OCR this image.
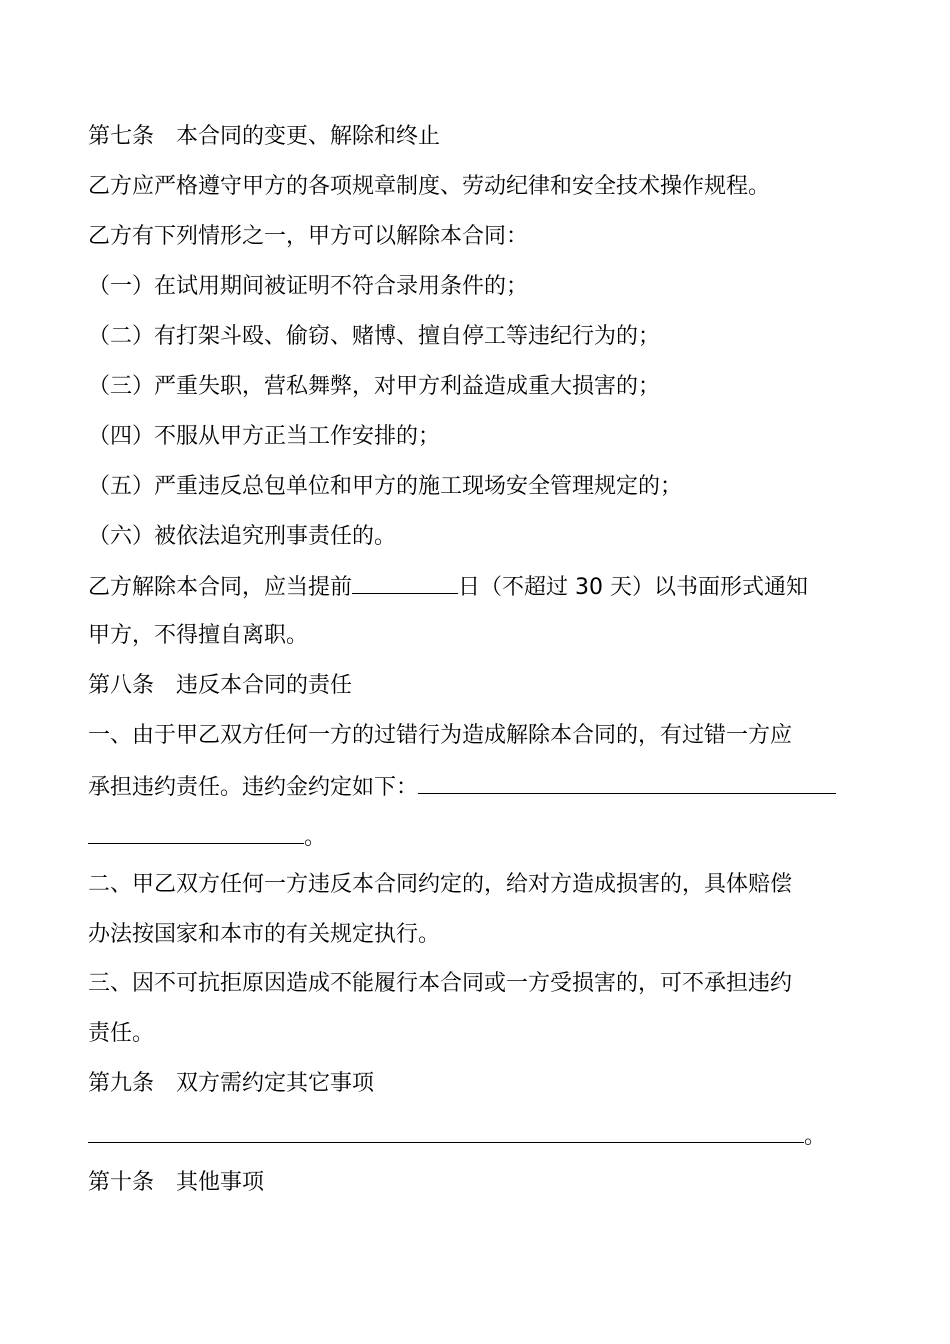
第七条　本合同的变更、解除和终止

乙方应严格遵守甲方的各项规章制度、劳动纪律和安全技术操作规程。

乙方有下列情形之一，甲方可以解除本合同：

（一）在试用期间被证明不符合录用条件的；

（二）有打架斗殴、偷窃、赌博、擅自停工等违纪行为的；

（三）严重失职，营私舞弊，对甲方利益造成重大损害的；

（四）不服从甲方正当工作安排的；

（五）严重违反总包单位和甲方的施工现场安全管理规定的；

（六）被依法追究刑事责任的。

乙方解除本合同，应当提前	日（不超过 30 天）以书面形式通知

甲方，不得擅自离职。

第八条　违反本合同的责任

一、由于甲乙双方任何一方的过错行为造成解除本合同的，有过错一方应

承担违约责任。违约金约定如下：

。

二、甲乙双方任何一方违反本合同约定的，给对方造成损害的，具体赔偿

办法按国家和本市的有关规定执行。

三、因不可抗拒原因造成不能履行本合同或一方受损害的，可不承担违约

责任。

第九条　双方需约定其它事项

。

第十条　其他事项
